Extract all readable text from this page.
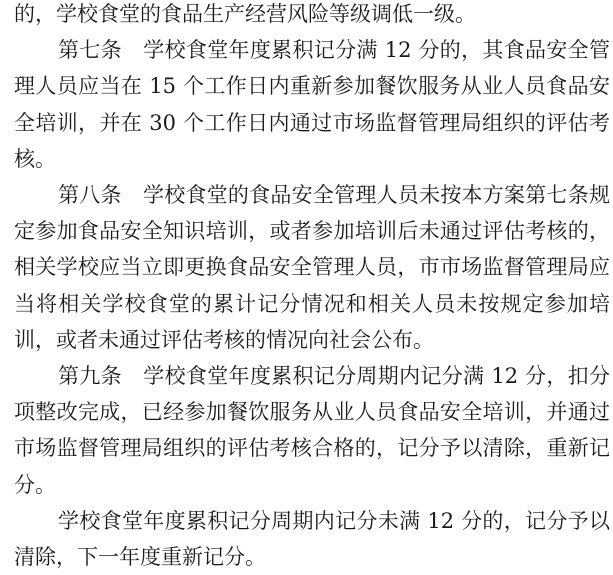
的，学校食堂的食品生产经营风险等级调低一级。

第七条　学校食堂年度累积记分满 12 分的，其食品安全管理人员应当在 15 个工作日内重新参加餐饮服务从业人员食品安全培训，并在 30 个工作日内通过市场监督管理局组织的评估考核。

第八条　学校食堂的食品安全管理人员未按本方案第七条规定参加食品安全知识培训，或者参加培训后未通过评估考核的，相关学校应当立即更换食品安全管理人员，市市场监督管理局应当将相关学校食堂的累计记分情况和相关人员未按规定参加培训，或者未通过评估考核的情况向社会公布。

第九条　学校食堂年度累积记分周期内记分满 12 分，扣分项整改完成，已经参加餐饮服务从业人员食品安全培训，并通过市场监督管理局组织的评估考核合格的，记分予以清除，重新记分。

学校食堂年度累积记分周期内记分未满 12 分的，记分予以清除，下一年度重新记分。
